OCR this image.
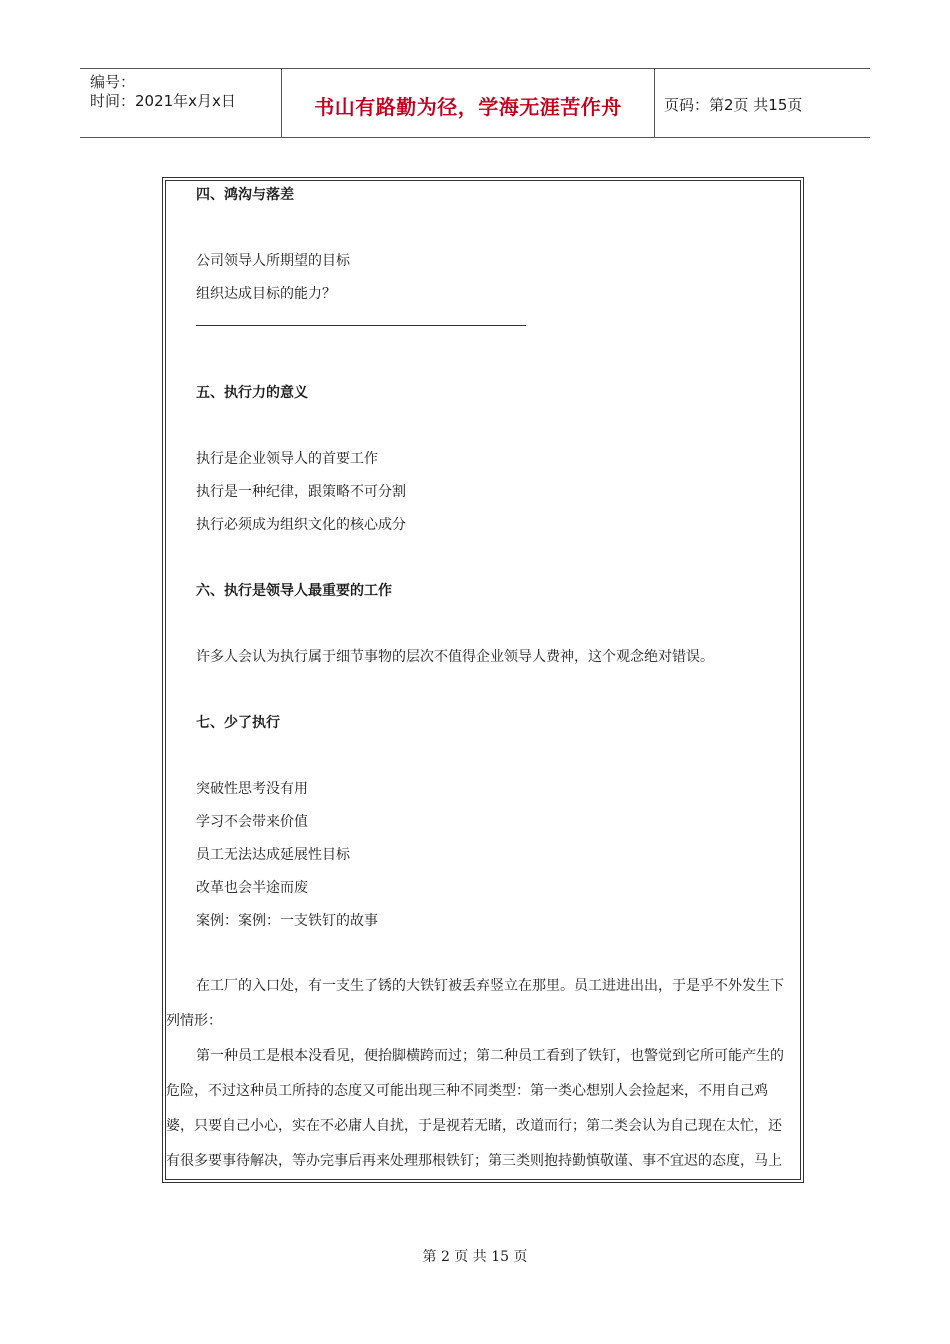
编号：
时间：2021年x月x日	书山有路勤为径，学海无涯苦作舟	页码：第2页 共15页
四、鸿沟与落差
公司领导人所期望的目标
组织达成目标的能力？
五、执行力的意义
执行是企业领导人的首要工作
执行是一种纪律，跟策略不可分割
执行必须成为组织文化的核心成分
六、执行是领导人最重要的工作
许多人会认为执行属于细节事物的层次不值得企业领导人费神，这个观念绝对错误。
七、少了执行
突破性思考没有用
学习不会带来价值
员工无法达成延展性目标
改革也会半途而废
案例：案例：一支铁钉的故事
在工厂的入口处，有一支生了锈的大铁钉被丢弃竖立在那里。员工进进出出，于是乎不外发生下
列情形：
第一种员工是根本没看见，便抬脚横跨而过；第二种员工看到了铁钉，也警觉到它所可能产生的
危险，不过这种员工所持的态度又可能出现三种不同类型：第一类心想别人会捡起来，不用自己鸡
婆，只要自己小心，实在不必庸人自扰，于是视若无睹，改道而行；第二类会认为自己现在太忙，还
有很多要事待解决，等办完事后再来处理那根铁钉；第三类则抱持勤慎敬谨、事不宜迟的态度，马上
第 2 页 共 15 页
